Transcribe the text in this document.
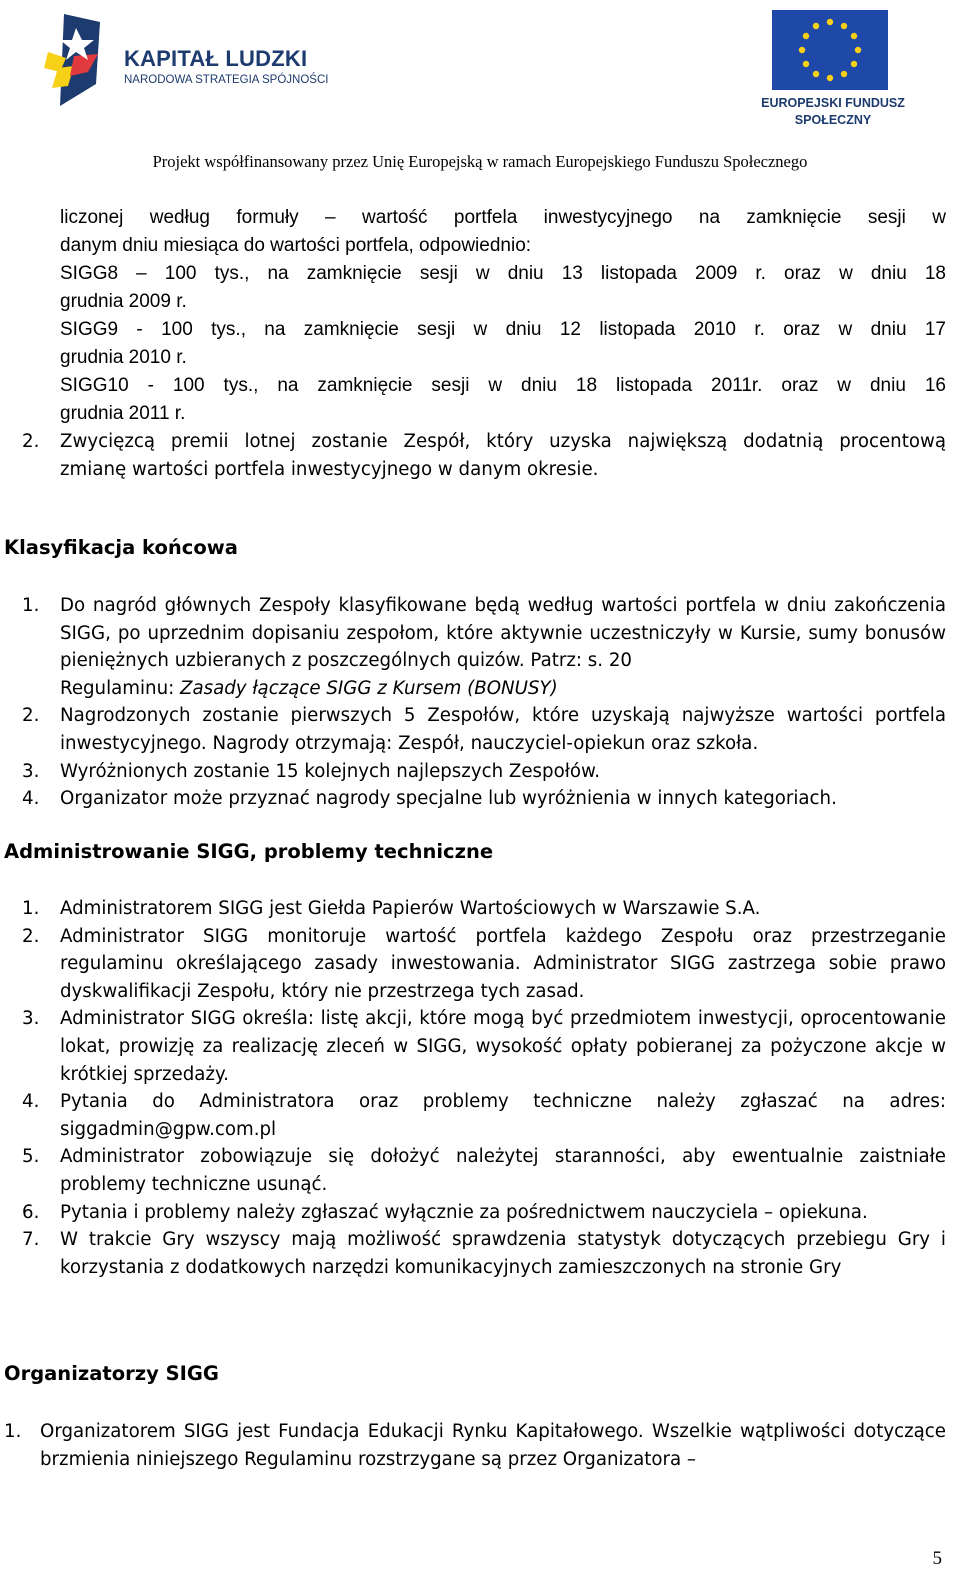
KAPITAŁ LUDZKI
NARODOWA STRATEGIA SPÓJNOŚCI
EUROPEJSKI FUNDUSZ
SPOŁECZNY
Projekt współfinansowany przez Unię Europejską w ramach Europejskiego Funduszu Społecznego

liczonej według formuły – wartość portfela inwestycyjnego na zamknięcie sesji w

danym dniu miesiąca do wartości portfela, odpowiednio:

SIGG8 – 100 tys., na zamknięcie sesji w dniu 13 listopada 2009 r. oraz w dniu 18

grudnia 2009 r.

SIGG9 - 100 tys., na zamknięcie sesji w dniu 12 listopada 2010 r. oraz w dniu 17

grudnia 2010 r.

SIGG10 - 100 tys., na zamknięcie sesji w dniu 18 listopada 2011r. oraz w dniu 16

grudnia 2011 r.

2. Zwycięzcą premii lotnej zostanie Zespół, który uzyska największą dodatnią procentową
zmianę wartości portfela inwestycyjnego w danym okresie.
Klasyfikacja końcowa
1. Do nagród głównych Zespoły klasyfikowane będą według wartości portfela w dniu zakończenia SIGG, po uprzednim dopisaniu zespołom, które aktywnie uczestniczyły w Kursie, sumy bonusów pieniężnych uzbieranych z poszczególnych quizów. Patrz: s. 20
Regulaminu: Zasady łączące SIGG z Kursem (BONUSY)
2. Nagrodzonych zostanie pierwszych 5 Zespołów, które uzyskają najwyższe wartości portfela inwestycyjnego. Nagrody otrzymają: Zespół, nauczyciel-opiekun oraz szkoła.
3. Wyróżnionych zostanie 15 kolejnych najlepszych Zespołów.
4. Organizator może przyznać nagrody specjalne lub wyróżnienia w innych kategoriach.
Administrowanie SIGG, problemy techniczne
1. Administratorem SIGG jest Giełda Papierów Wartościowych w Warszawie S.A.
2. Administrator SIGG monitoruje wartość portfela każdego Zespołu oraz przestrzeganie regulaminu określającego zasady inwestowania. Administrator SIGG zastrzega sobie prawo dyskwalifikacji Zespołu, który nie przestrzega tych zasad.
3. Administrator SIGG określa: listę akcji, które mogą być przedmiotem inwestycji, oprocentowanie lokat, prowizję za realizację zleceń w SIGG, wysokość opłaty pobieranej za pożyczone akcje w krótkiej sprzedaży.
4. Pytania do Administratora oraz problemy techniczne należy zgłaszać na adres: siggadmin@gpw.com.pl
5. Administrator zobowiązuje się dołożyć należytej staranności, aby ewentualnie zaistniałe problemy techniczne usunąć.
6. Pytania i problemy należy zgłaszać wyłącznie za pośrednictwem nauczyciela – opiekuna.
7. W trakcie Gry wszyscy mają możliwość sprawdzenia statystyk dotyczących przebiegu Gry i korzystania z dodatkowych narzędzi komunikacyjnych zamieszczonych na stronie Gry
Organizatorzy SIGG
1. Organizatorem SIGG jest Fundacja Edukacji Rynku Kapitałowego. Wszelkie wątpliwości dotyczące brzmienia niniejszego Regulaminu rozstrzygane są przez Organizatora –
5
